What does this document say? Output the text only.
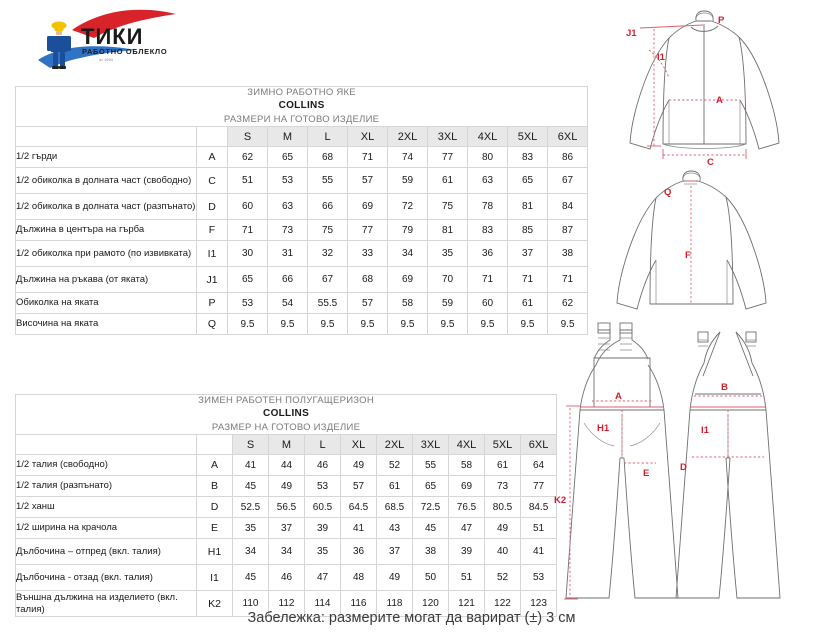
ТИКИ
РАБОТНО ОБЛЕКЛО
от 1994
ЗИМНО РАБОТНО ЯКЕ
COLLINS
РАЗМЕРИ НА ГОТОВО ИЗДЕЛИЕ										

		S	M	L	XL	2XL	3XL	4XL	5XL	6XL
1/2 гърди	A	62	65	68	71	74	77	80	83	86
1/2 обиколка в долната част (свободно)	C	51	53	55	57	59	61	63	65	67
1/2 обиколка в долната част (разпънато)	D	60	63	66	69	72	75	78	81	84
Дължина в центъра на гърба	F	71	73	75	77	79	81	83	85	87
1/2 обиколка при рамото (по извивката)	I1	30	31	32	33	34	35	36	37	38
Дължина на ръкава (от яката)	J1	65	66	67	68	69	70	71	71	71
Обиколка на яката	P	53	54	55.5	57	58	59	60	61	62
Височина на яката	Q	9.5	9.5	9.5	9.5	9.5	9.5	9.5	9.5	9.5
ЗИМЕН РАБОТЕН ПОЛУГАЩЕРИЗОН
COLLINS
РАЗМЕР НА ГОТОВО ИЗДЕЛИЕ										

		S	M	L	XL	2XL	3XL	4XL	5XL	6XL
1/2 талия (свободно)	A	41	44	46	49	52	55	58	61	64
1/2 талия (разпънато)	B	45	49	53	57	61	65	69	73	77
1/2 ханш	D	52.5	56.5	60.5	64.5	68.5	72.5	76.5	80.5	84.5
1/2 ширина на крачола	E	35	37	39	41	43	45	47	49	51
Дълбочина – отпред (вкл. талия)	H1	34	34	35	36	37	38	39	40	41
Дълбочина - отзад (вкл. талия)	I1	45	46	47	48	49	50	51	52	53
Външна дължина на изделието (вкл. талия)	K2	110	112	114	116	118	120	121	122	123
J1
P
I1
A
C
Q
F
A
H1
E
K2
B
I1
D
Забележка: размерите могат да варират (±) 3 см
